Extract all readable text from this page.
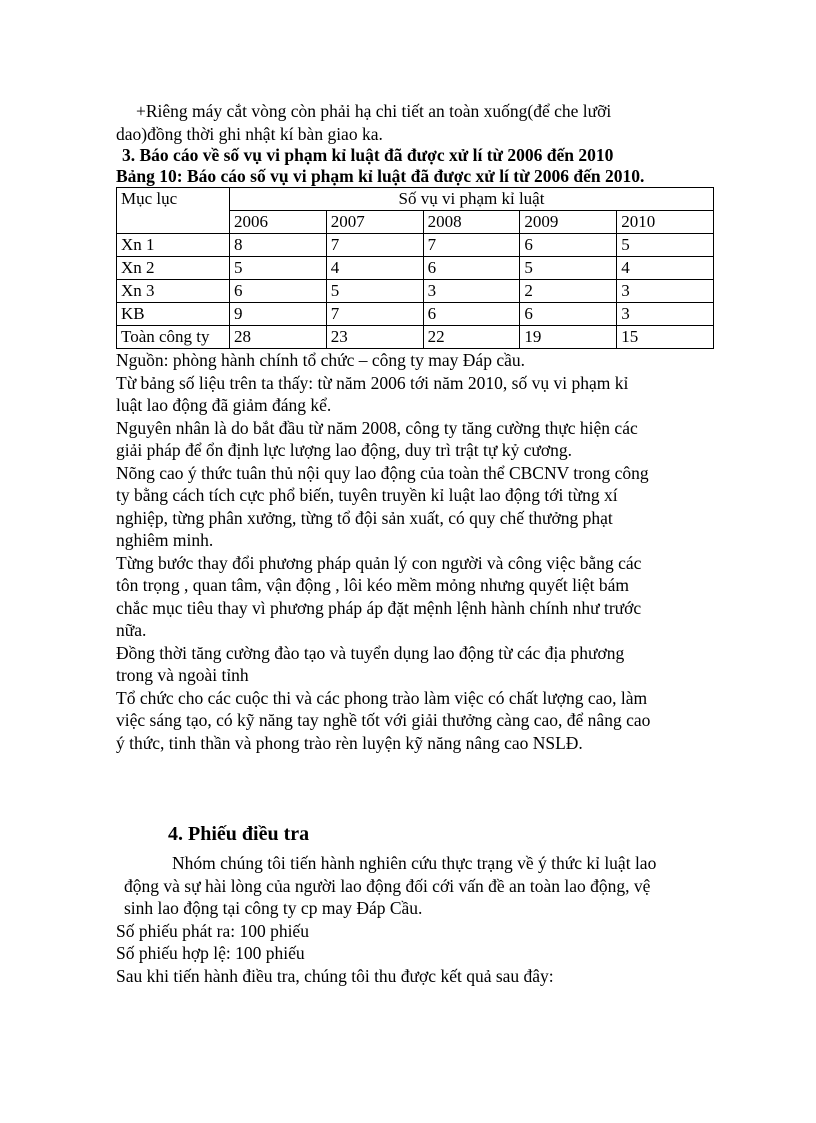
+Riêng máy cắt vòng còn phải hạ chi tiết an toàn xuống(để che lưỡi

dao)đồng thời ghi nhật kí bàn giao ka.

3. Báo cáo về số vụ vi phạm kỉ luật đã được xử lí từ 2006 đến 2010

Bảng 10: Báo cáo số vụ vi phạm kỉ luật đã được xử lí từ 2006 đến 2010.

Mục lục	Số vụ vi phạm kỉ luật				
	2006	2007	2008	2009	2010
Xn 1	8	7	7	6	5
Xn 2	5	4	6	5	4
Xn 3	6	5	3	2	3
KB	9	7	6	6	3
Toàn công ty	28	23	22	19	15

Nguồn: phòng hành chính tổ chức – công ty may Đáp cầu.

Từ bảng số liệu trên ta thấy: từ năm 2006 tới năm 2010, số vụ vi phạm kỉ

luật lao động đã giảm đáng kể.

Nguyên nhân là do bắt đầu từ năm 2008, công ty tăng cường thực hiện các

giải pháp để ổn định lực lượng lao động, duy trì trật tự kỷ cương.

Nõng cao ý thức tuân thủ nội quy lao động của toàn thể CBCNV trong công

ty bằng cách tích cực phổ biến, tuyên truyền kỉ luật lao động tới từng xí

nghiệp, từng phân xưởng, từng tổ đội sản xuất, có quy chế thưởng phạt

nghiêm minh.

Từng bước thay đổi phương pháp quản lý con người và công việc bằng các

tôn trọng , quan tâm, vận động , lôi kéo mềm mỏng nhưng quyết liệt bám

chắc mục tiêu thay vì phương pháp áp đặt mệnh lệnh hành chính như trước

nữa.

Đồng thời tăng cường đào tạo và tuyển dụng lao động từ các địa phương

trong và ngoài tỉnh

Tổ chức cho các cuộc thi và các phong trào làm việc có chất lượng cao, làm

việc sáng tạo, có kỹ năng tay nghề tốt với giải thưởng càng cao, để nâng cao

ý thức, tinh thần và phong trào rèn luyện kỹ năng nâng cao NSLĐ.

4. Phiếu điều tra

Nhóm chúng tôi tiến hành nghiên cứu thực trạng về ý thức kỉ luật lao

động và sự hài lòng của người lao động đối cới vấn đề an toàn lao động, vệ

sinh lao động tại công ty cp may Đáp Cầu.

Số phiếu phát ra: 100 phiếu

Số phiếu hợp lệ: 100 phiếu

Sau khi tiến hành điều tra, chúng tôi thu được kết quả sau đây:
